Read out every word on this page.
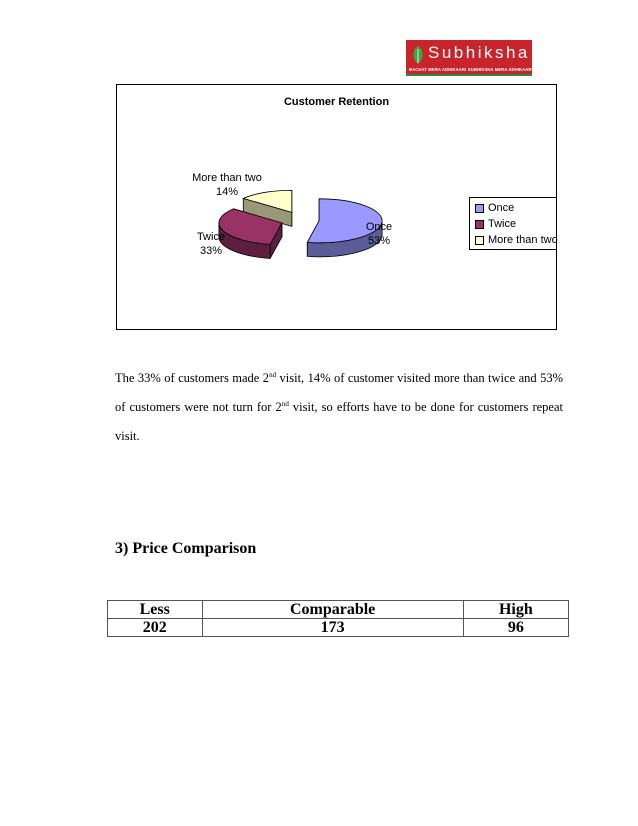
Subhiksha
BACHAT MERA ADHIKAAR! SUBHIKSHA MERA ADHIKAAR!
Customer Retention
Once
53%
Twice
33%
More than two
14%
Once
Twice
More than two

The 33% of customers made 2nd visit, 14% of customer visited more than twice and 53% of customers were not turn for 2nd visit, so efforts have to be done for customers repeat visit.

3) Price Comparison
Less	Comparable	High
202	173	96
